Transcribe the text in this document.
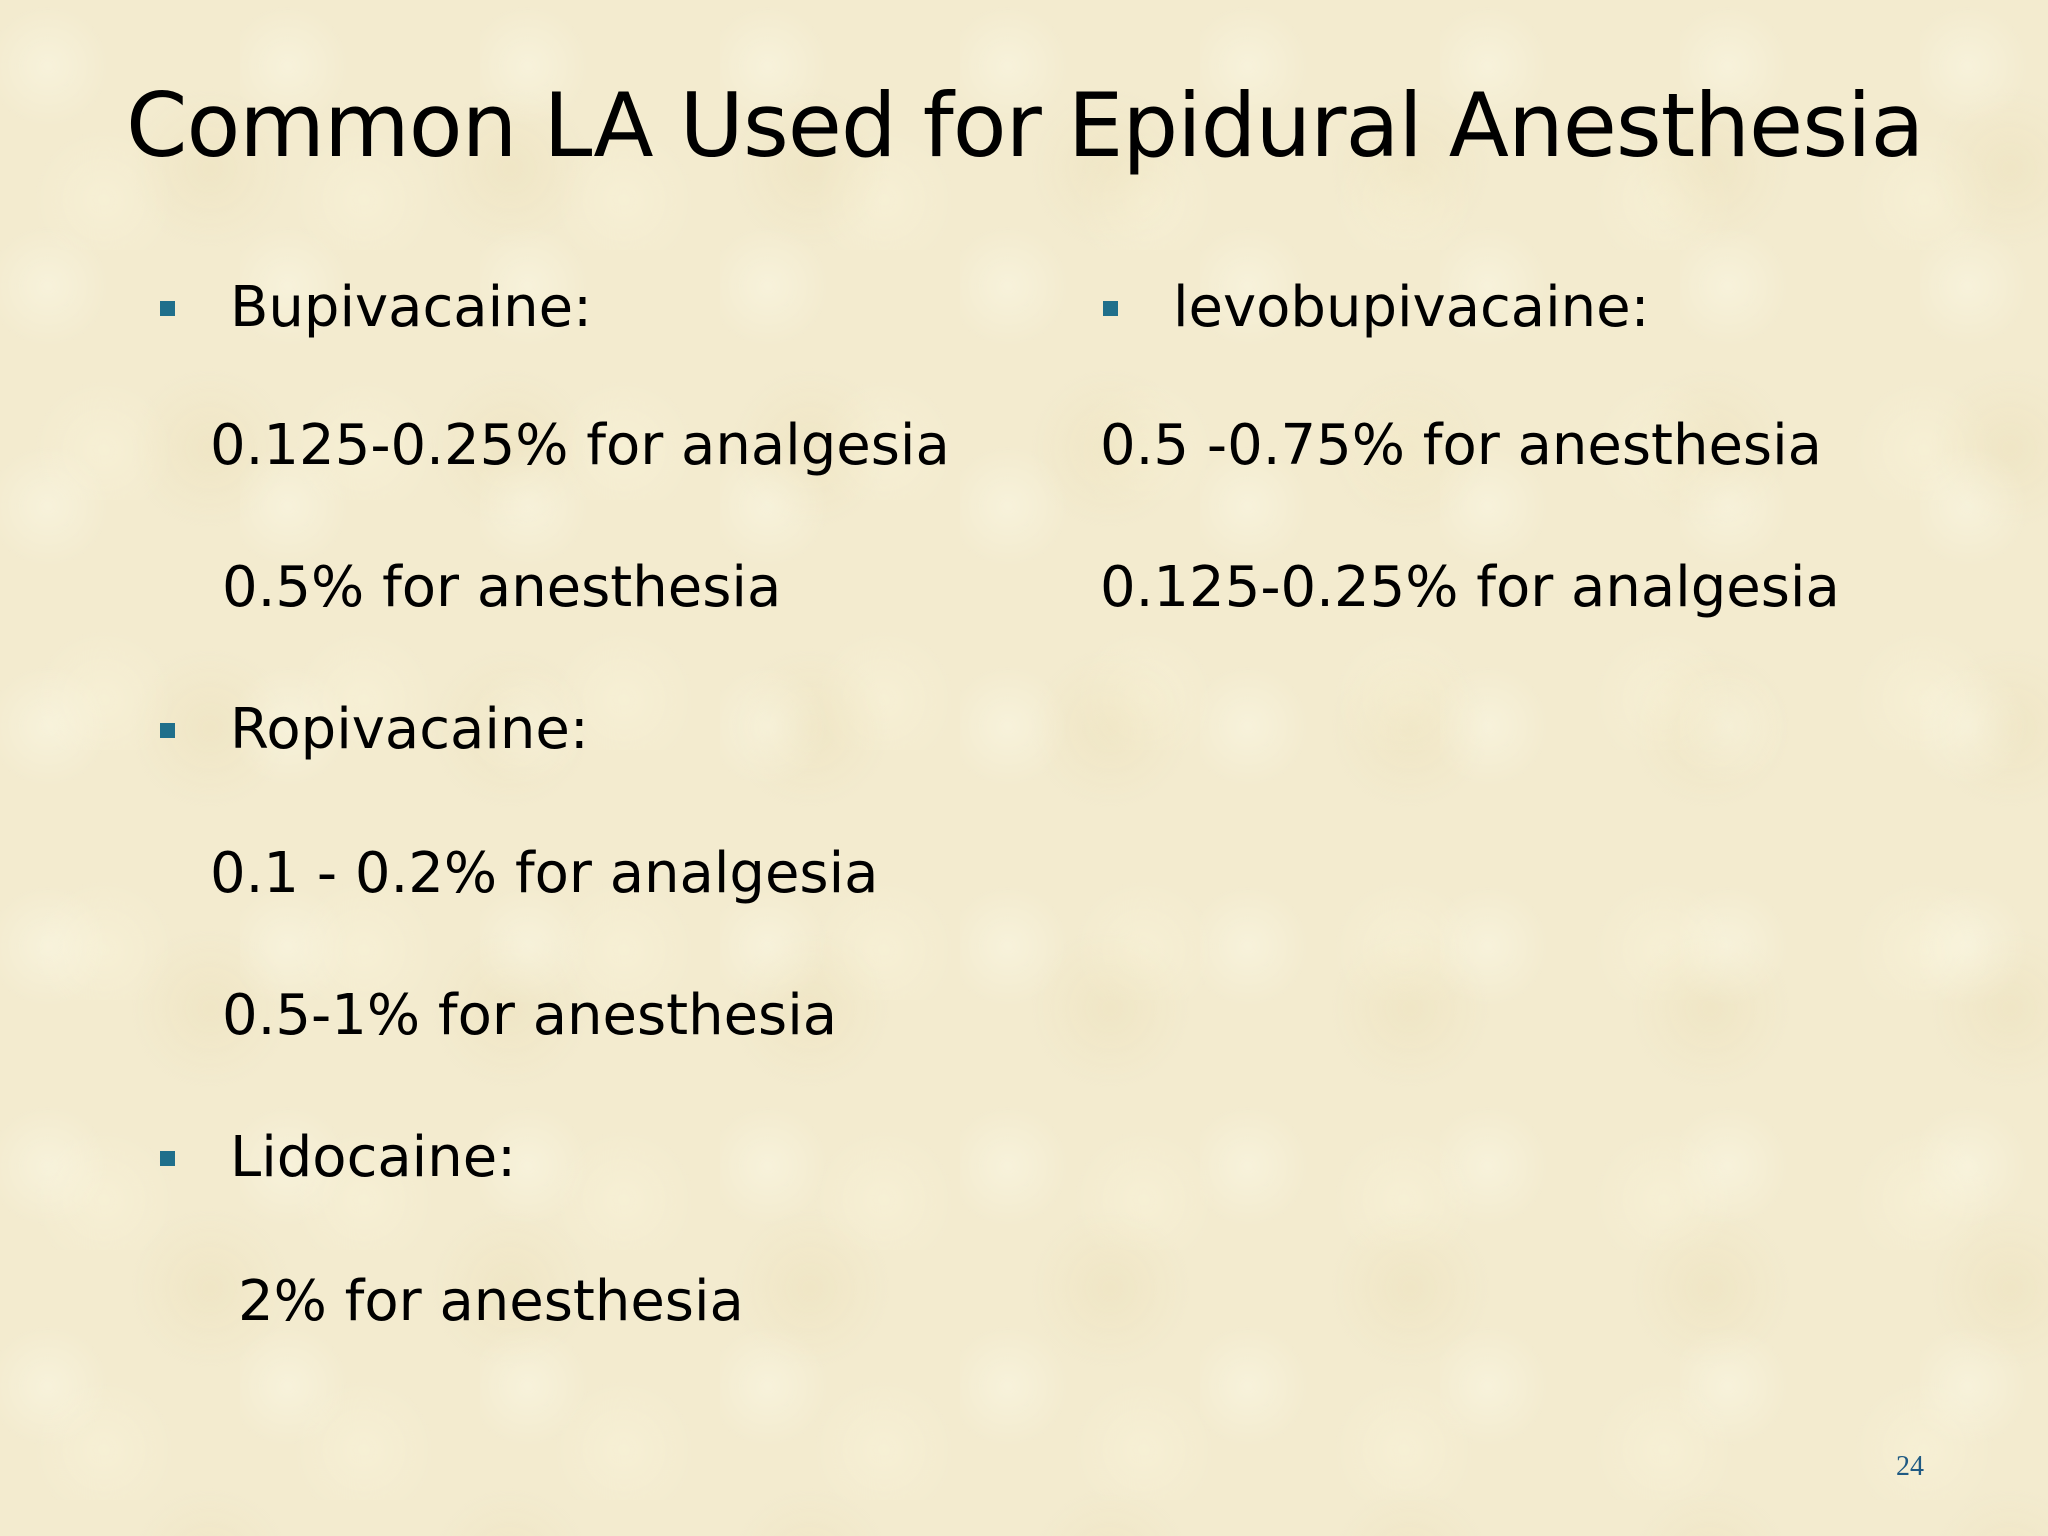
Common LA Used for Epidural Anesthesia
Bupivacaine:
0.125-0.25% for analgesia
0.5% for anesthesia
Ropivacaine:
0.1 - 0.2% for analgesia
0.5-1% for anesthesia
Lidocaine:
2% for anesthesia
levobupivacaine:
0.5 -0.75% for anesthesia
0.125-0.25% for analgesia
24
